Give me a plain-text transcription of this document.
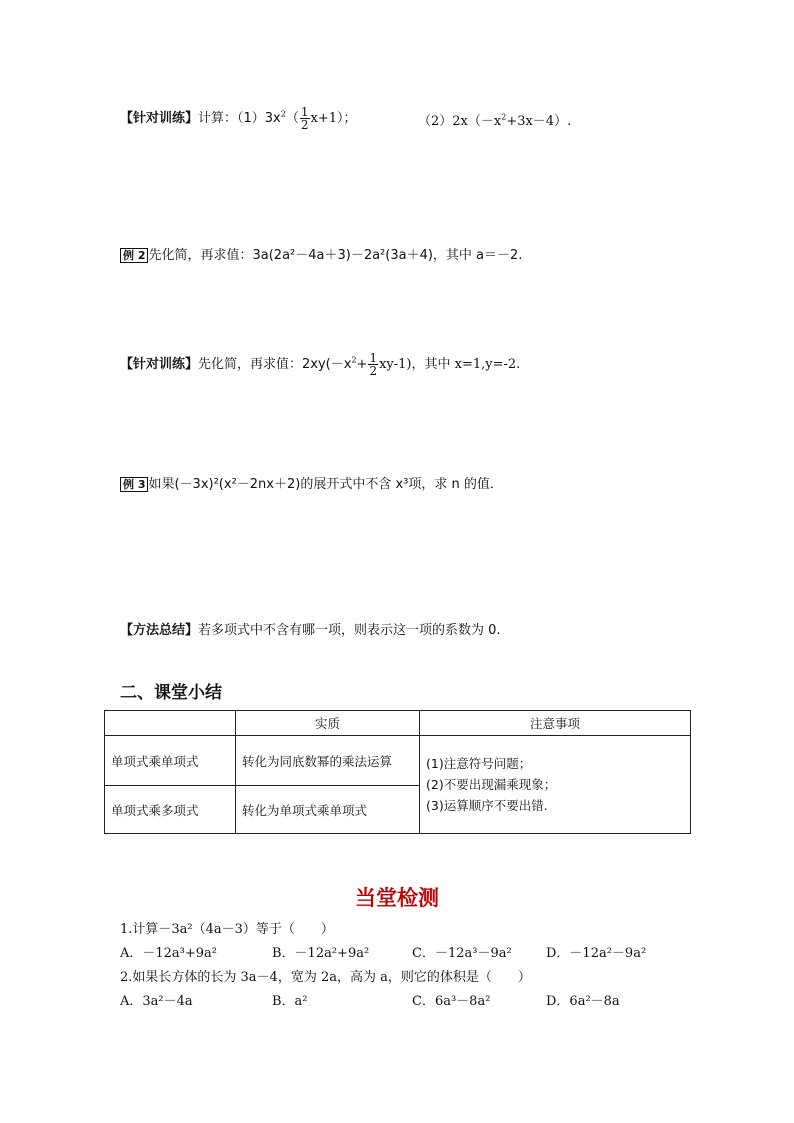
【针对训练】计算：$(1)3x^2( \frac{1}{2} x+1)$；	$(2)2x(-x^2+3x-4)$.
例 2 先化简，再求值：3a(2a²－4a＋3)－2a²(3a＋4)，其中 a＝－2.
【针对训练】先化简，再求值：$2xy(-x^2+ \frac{1}{2} xy-1)$，其中 x=1,y=-2.
例 3 如果(－3x)²(x²－2nx＋2)的展开式中不含 x³项，求 n 的值．
【方法总结】若多项式中不含有哪一项，则表示这一项的系数为 0.
二、课堂小结
	实质	注意事项
单项式乘单项式	转化为同底数幂的乘法运算	(1)注意符号问题；
(2)不要出现漏乘现象；
(3)运算顺序不要出错.

单项式乘多项式	转化为单项式乘单项式	
当堂检测
1.计算－3a²（4a－3）等于（　　）
A．－12a³+9a²	B．－12a²+9a²	C．－12a³－9a²	D．－12a²－9a²
2.如果长方体的长为 3a－4，宽为 2a，高为 a，则它的体积是（　　）
A．3a²－4a	B．a²	C．6a³－8a²	D．6a²－8a
